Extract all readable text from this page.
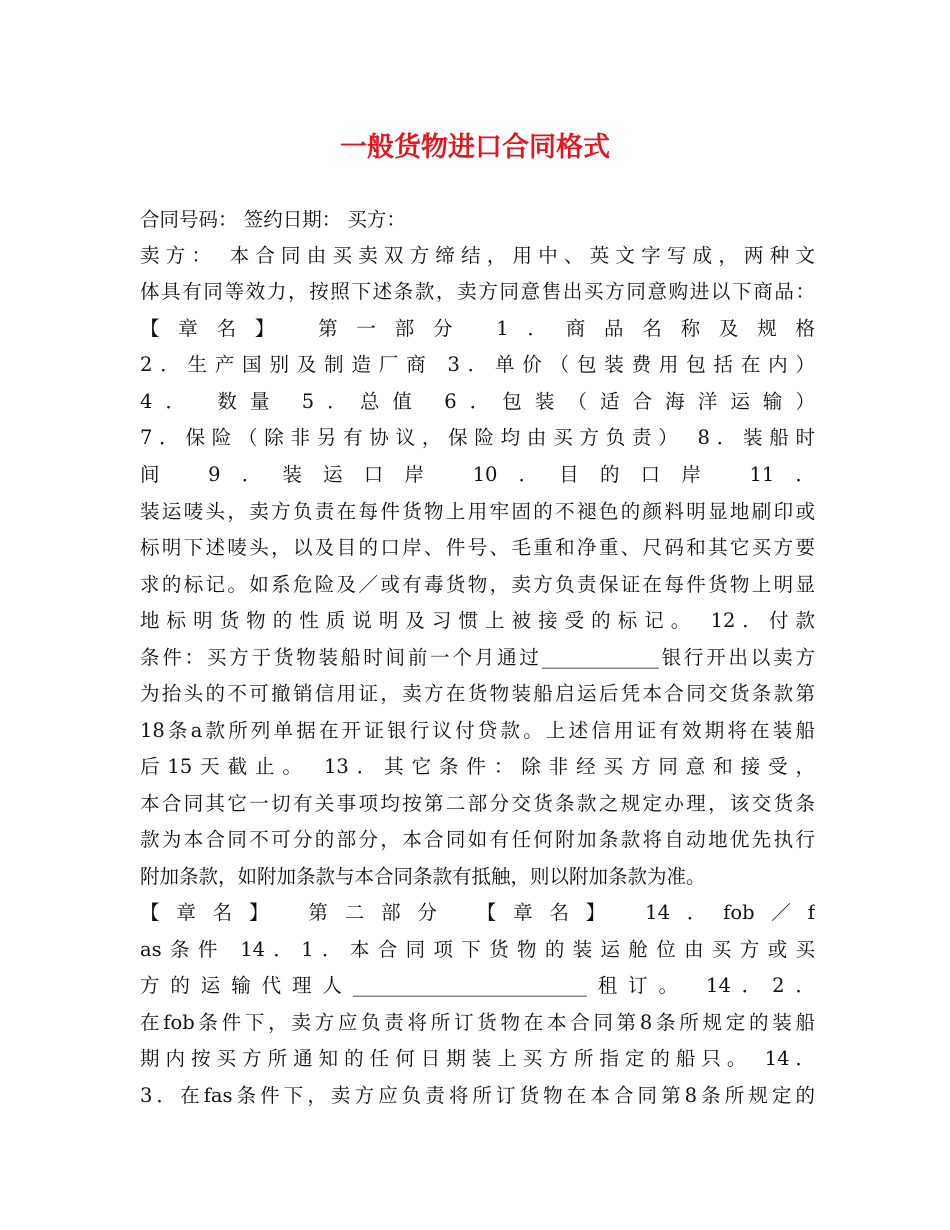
一般货物进口合同格式
合同号码： 签约日期： 买方：
卖方： 本合同由买卖双方缔结，用中、英文字写成，两种文
体具有同等效力，按照下述条款，卖方同意售出买方同意购进以下商品：
【章名】 第一部分 1．商品名称及规格
2．生产国别及制造厂商 3．单价（包装费用包括在内）
4． 数量 5．总值 6．包装（适合海洋运输）
7．保险（除非另有协议，保险均由买方负责） 8．装船时
间 9．装运口岸 10．目的口岸 11．
装运唛头，卖方负责在每件货物上用牢固的不褪色的颜料明显地刷印或
标明下述唛头，以及目的口岸、件号、毛重和净重、尺码和其它买方要
求的标记。如系危险及／或有毒货物，卖方负责保证在每件货物上明显
地标明货物的性质说明及习惯上被接受的标记。 12．付款
条件：买方于货物装船时间前一个月通过____________银行开出以卖方
为抬头的不可撤销信用证，卖方在货物装船启运后凭本合同交货条款第
18条a款所列单据在开证银行议付贷款。上述信用证有效期将在装船
后15天截止。 13．其它条件：除非经买方同意和接受，
本合同其它一切有关事项均按第二部分交货条款之规定办理，该交货条
款为本合同不可分的部分，本合同如有任何附加条款将自动地优先执行
附加条款，如附加条款与本合同条款有抵触，则以附加条款为准。
【章名】 第二部分 【章名】 14．fob／f
as条件 14．1．本合同项下货物的装运舱位由买方或买
方的运输代理人________________________租订。 14．2．
在fob条件下，卖方应负责将所订货物在本合同第8条所规定的装船
期内按买方所通知的任何日期装上买方所指定的船只。 14．
3．在fas条件下，卖方应负责将所订货物在本合同第8条所规定的
